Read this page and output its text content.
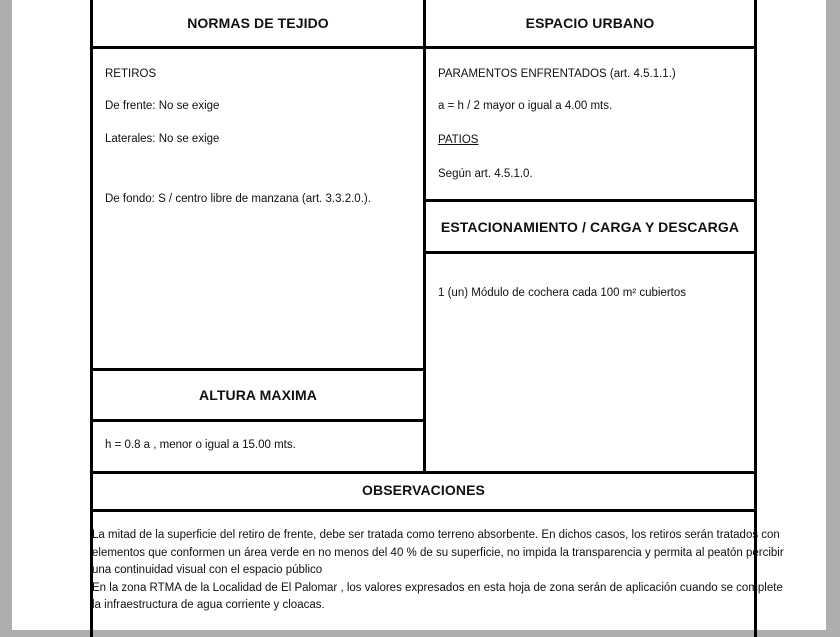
NORMAS DE TEJIDO	ESPACIO URBANO
RETIROS
De frente: No se exige
Laterales: No se exige
De fondo: S / centro libre de manzana (art. 3.3.2.0.).
ALTURA MAXIMA
h = 0.8 a , menor o igual a 15.00 mts.
PARAMENTOS ENFRENTADOS (art. 4.5.1.1.)
a = h / 2 mayor o igual a 4.00 mts.
PATIOS
Según art. 4.5.1.0.
ESTACIONAMIENTO / CARGA Y DESCARGA
1 (un) Módulo de cochera cada 100 m² cubiertos
OBSERVACIONES
La mitad de la superficie del retiro de frente, debe ser tratada como terreno absorbente. En dichos casos, los retiros serán tratados con
elementos que conformen un área verde en no menos del 40 % de su superficie, no impida la transparencia y permita al peatón percibir
una continuidad visual con el espacio público
En la zona RTMA de la Localidad de El Palomar , los valores expresados en esta hoja de zona serán de aplicación cuando se complete
la infraestructura de agua corriente y cloacas.
